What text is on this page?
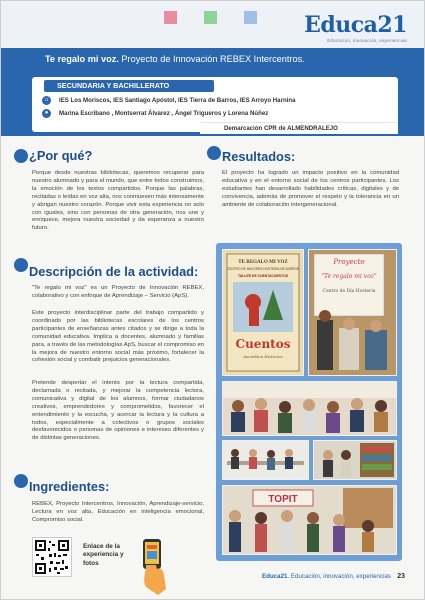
Educa21
Educación, innovación, experiencias
Te regalo mi voz. Proyecto de Innovación REBEX Intercentros.
SECUNDARIA Y BACHILLERATO
⌂	IES Los Moriscos, IES Santiago Apóstol, IES Tierra de Barros, IES Arroyo Harnina
●	Marina Escribano , Montserrat Álvarez , Ángel Trigueros y Lorena Núñez
Demarcación CPR de ALMENDRALEJO
¿Por qué?
Porque desde nuestras bibliotecas, queremos recuperar para nuestro alumnado y para el mundo, que entre todos construimos, la emoción de los textos compartidos. Porque las palabras, recitadas o leídas en voz alta, nos conmueven más intensamente y abrigan nuestro corazón. Porque vivir esta experiencia no solo con iguales, sino con personas de otra generación, nos une y enriquece, mejora nuestra sociedad y da esperanza a nuestro futuro.
Resultados:
El proyecto ha logrado un impacto positivo en la comunidad educativa y en el entorno social de los centros participantes. Los estudiantes han desarrollado habilidades críticas, digitales y de convivencia, además de promover el respeto y la tolerancia en un ambiente de colaboración intergeneracional.
Descripción de la actividad:
"Te regalo mi voz" es un Proyecto de Innovación REBEX, colaborativo y con enfoque de Aprendizaje – Servicio (ApS).
Este proyecto interdisciplinar parte del trabajo compartido y coordinado por las bibliotecas escolares de los centros participantes de enseñanzas antes citados y se dirige a toda la comunidad educativa. Implica a docentes, alumnado y familias para, a través de las metodologías ApS, buscar el compromiso en la mejora de nuestro entorno social más próximo, fortalecer la cohesión social y combatir prejuicios generacionales.
Pretende despertar el interés por la lectura compartida, declamada o recitada, y mejorar la competencia lectora, comunicativa y digital de los alumnos, formar ciudadanos creativos, emprendedores y comprometidos, favorecer el entendimiento y la escucha, y acercar la lectura y la cultura a todos, especialmente a colectivos o grupos sociales desfavorecidos o personas de opiniones e intereses diferentes y de distintas generaciones.
Ingredientes:
REBEX, Proyecto Intercentros, Innovación, Aprendizaje-servicio, Lectura en voz alta, Educación en inteligencia emocional, Compromiso social.
TE REGALO MI VOZ
CENTRO DE MAYORES HOSTERIA DE BARROS
TALLER DE CUENTACUENTOS
Cuentos
Asamblea Historias
Proyecto
"Te regalo mi voz"
Centro de Día Hosteria
TOPIT
Enlace de la experiencia y fotos
Educa21. Educación, innovación, experiencias 23
